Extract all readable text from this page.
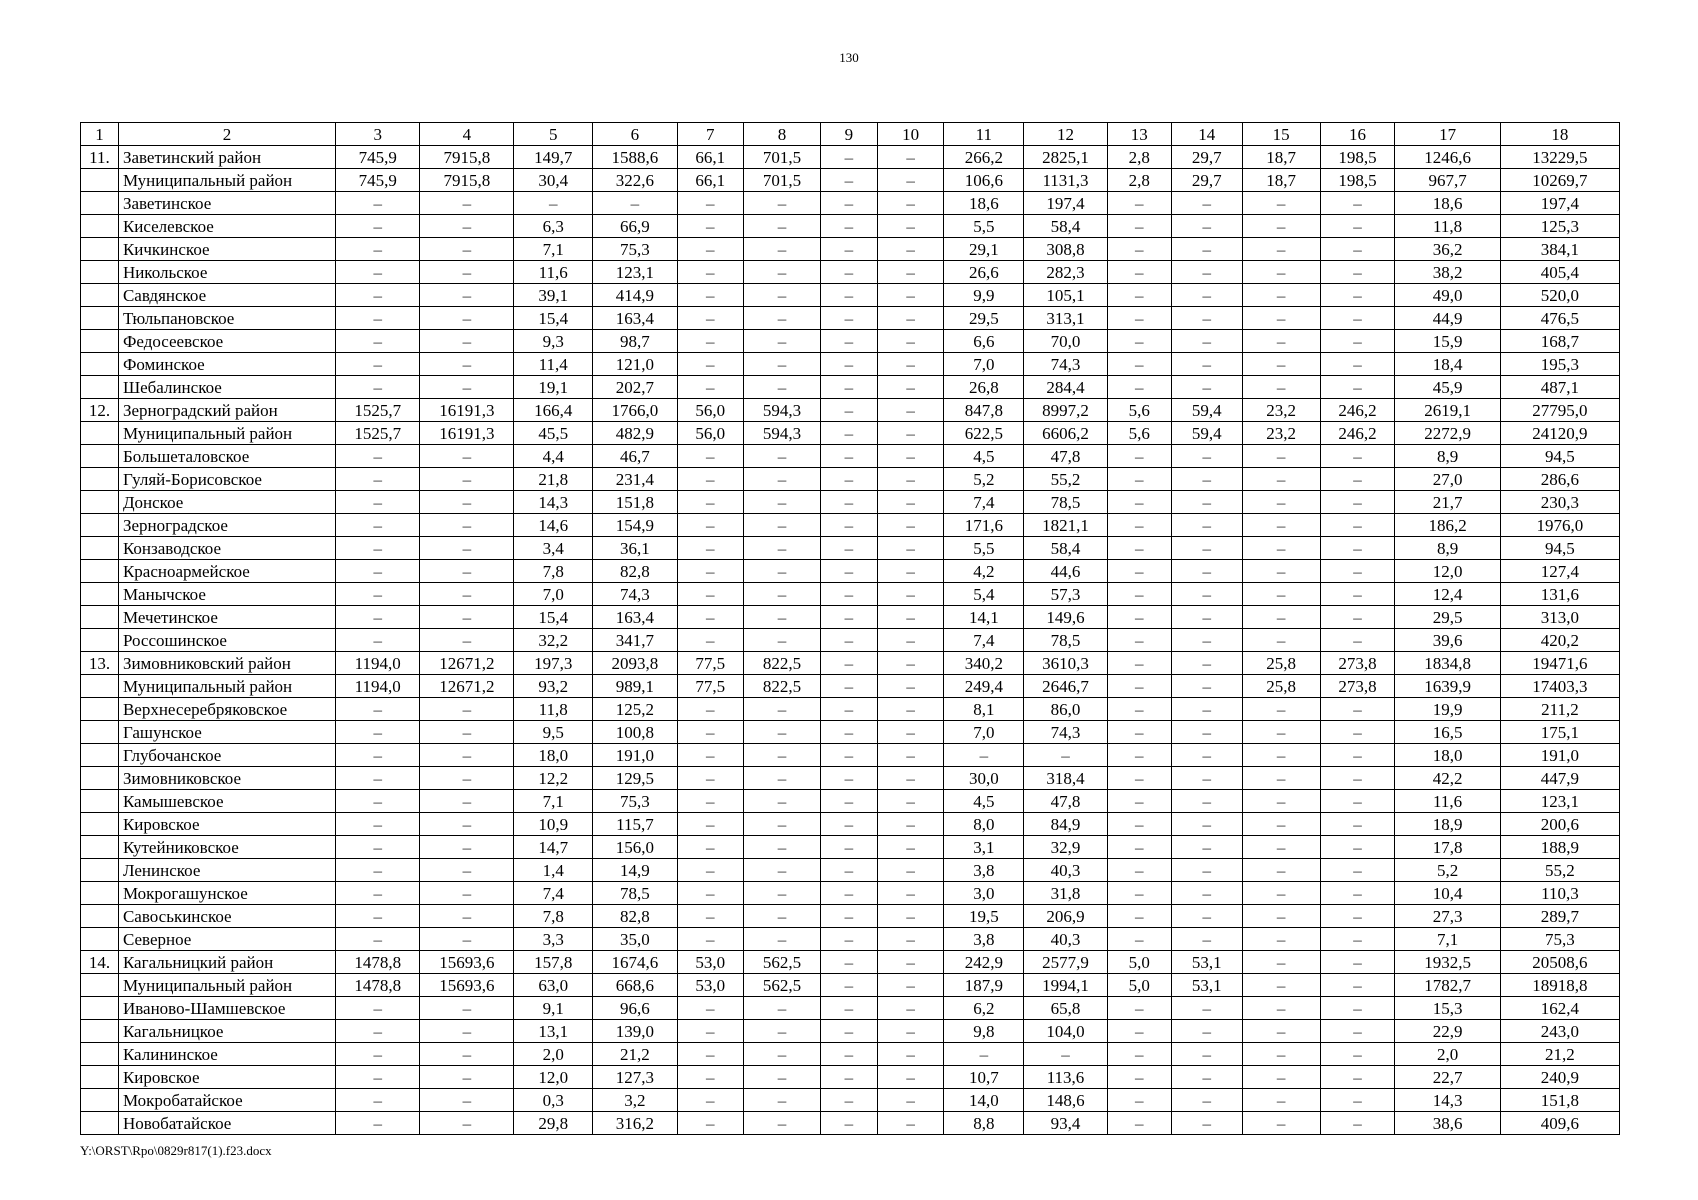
130
1	2	3	4	5	6	7	8	9	10	11	12	13	14	15	16	17	18
11.	Заветинский район	745,9	7915,8	149,7	1588,6	66,1	701,5	–	–	266,2	2825,1	2,8	29,7	18,7	198,5	1246,6	13229,5
	Муниципальный район	745,9	7915,8	30,4	322,6	66,1	701,5	–	–	106,6	1131,3	2,8	29,7	18,7	198,5	967,7	10269,7
	Заветинское	–	–	–	–	–	–	–	–	18,6	197,4	–	–	–	–	18,6	197,4
	Киселевское	–	–	6,3	66,9	–	–	–	–	5,5	58,4	–	–	–	–	11,8	125,3
	Кичкинское	–	–	7,1	75,3	–	–	–	–	29,1	308,8	–	–	–	–	36,2	384,1
	Никольское	–	–	11,6	123,1	–	–	–	–	26,6	282,3	–	–	–	–	38,2	405,4
	Савдянское	–	–	39,1	414,9	–	–	–	–	9,9	105,1	–	–	–	–	49,0	520,0
	Тюльпановское	–	–	15,4	163,4	–	–	–	–	29,5	313,1	–	–	–	–	44,9	476,5
	Федосеевское	–	–	9,3	98,7	–	–	–	–	6,6	70,0	–	–	–	–	15,9	168,7
	Фоминское	–	–	11,4	121,0	–	–	–	–	7,0	74,3	–	–	–	–	18,4	195,3
	Шебалинское	–	–	19,1	202,7	–	–	–	–	26,8	284,4	–	–	–	–	45,9	487,1
12.	Зерноградский район	1525,7	16191,3	166,4	1766,0	56,0	594,3	–	–	847,8	8997,2	5,6	59,4	23,2	246,2	2619,1	27795,0
	Муниципальный район	1525,7	16191,3	45,5	482,9	56,0	594,3	–	–	622,5	6606,2	5,6	59,4	23,2	246,2	2272,9	24120,9
	Большеталовское	–	–	4,4	46,7	–	–	–	–	4,5	47,8	–	–	–	–	8,9	94,5
	Гуляй-Борисовское	–	–	21,8	231,4	–	–	–	–	5,2	55,2	–	–	–	–	27,0	286,6
	Донское	–	–	14,3	151,8	–	–	–	–	7,4	78,5	–	–	–	–	21,7	230,3
	Зерноградское	–	–	14,6	154,9	–	–	–	–	171,6	1821,1	–	–	–	–	186,2	1976,0
	Конзаводское	–	–	3,4	36,1	–	–	–	–	5,5	58,4	–	–	–	–	8,9	94,5
	Красноармейское	–	–	7,8	82,8	–	–	–	–	4,2	44,6	–	–	–	–	12,0	127,4
	Манычское	–	–	7,0	74,3	–	–	–	–	5,4	57,3	–	–	–	–	12,4	131,6
	Мечетинское	–	–	15,4	163,4	–	–	–	–	14,1	149,6	–	–	–	–	29,5	313,0
	Россошинское	–	–	32,2	341,7	–	–	–	–	7,4	78,5	–	–	–	–	39,6	420,2
13.	Зимовниковский район	1194,0	12671,2	197,3	2093,8	77,5	822,5	–	–	340,2	3610,3	–	–	25,8	273,8	1834,8	19471,6
	Муниципальный район	1194,0	12671,2	93,2	989,1	77,5	822,5	–	–	249,4	2646,7	–	–	25,8	273,8	1639,9	17403,3
	Верхнесеребряковское	–	–	11,8	125,2	–	–	–	–	8,1	86,0	–	–	–	–	19,9	211,2
	Гашунское	–	–	9,5	100,8	–	–	–	–	7,0	74,3	–	–	–	–	16,5	175,1
	Глубочанское	–	–	18,0	191,0	–	–	–	–	–	–	–	–	–	–	18,0	191,0
	Зимовниковское	–	–	12,2	129,5	–	–	–	–	30,0	318,4	–	–	–	–	42,2	447,9
	Камышевское	–	–	7,1	75,3	–	–	–	–	4,5	47,8	–	–	–	–	11,6	123,1
	Кировское	–	–	10,9	115,7	–	–	–	–	8,0	84,9	–	–	–	–	18,9	200,6
	Кутейниковское	–	–	14,7	156,0	–	–	–	–	3,1	32,9	–	–	–	–	17,8	188,9
	Ленинское	–	–	1,4	14,9	–	–	–	–	3,8	40,3	–	–	–	–	5,2	55,2
	Мокрогашунское	–	–	7,4	78,5	–	–	–	–	3,0	31,8	–	–	–	–	10,4	110,3
	Савоськинское	–	–	7,8	82,8	–	–	–	–	19,5	206,9	–	–	–	–	27,3	289,7
	Северное	–	–	3,3	35,0	–	–	–	–	3,8	40,3	–	–	–	–	7,1	75,3
14.	Кагальницкий район	1478,8	15693,6	157,8	1674,6	53,0	562,5	–	–	242,9	2577,9	5,0	53,1	–	–	1932,5	20508,6
	Муниципальный район	1478,8	15693,6	63,0	668,6	53,0	562,5	–	–	187,9	1994,1	5,0	53,1	–	–	1782,7	18918,8
	Иваново-Шамшевское	–	–	9,1	96,6	–	–	–	–	6,2	65,8	–	–	–	–	15,3	162,4
	Кагальницкое	–	–	13,1	139,0	–	–	–	–	9,8	104,0	–	–	–	–	22,9	243,0
	Калининское	–	–	2,0	21,2	–	–	–	–	–	–	–	–	–	–	2,0	21,2
	Кировское	–	–	12,0	127,3	–	–	–	–	10,7	113,6	–	–	–	–	22,7	240,9
	Мокробатайское	–	–	0,3	3,2	–	–	–	–	14,0	148,6	–	–	–	–	14,3	151,8
	Новобатайское	–	–	29,8	316,2	–	–	–	–	8,8	93,4	–	–	–	–	38,6	409,6
Y:\ORST\Rpo\0829r817(1).f23.docx
